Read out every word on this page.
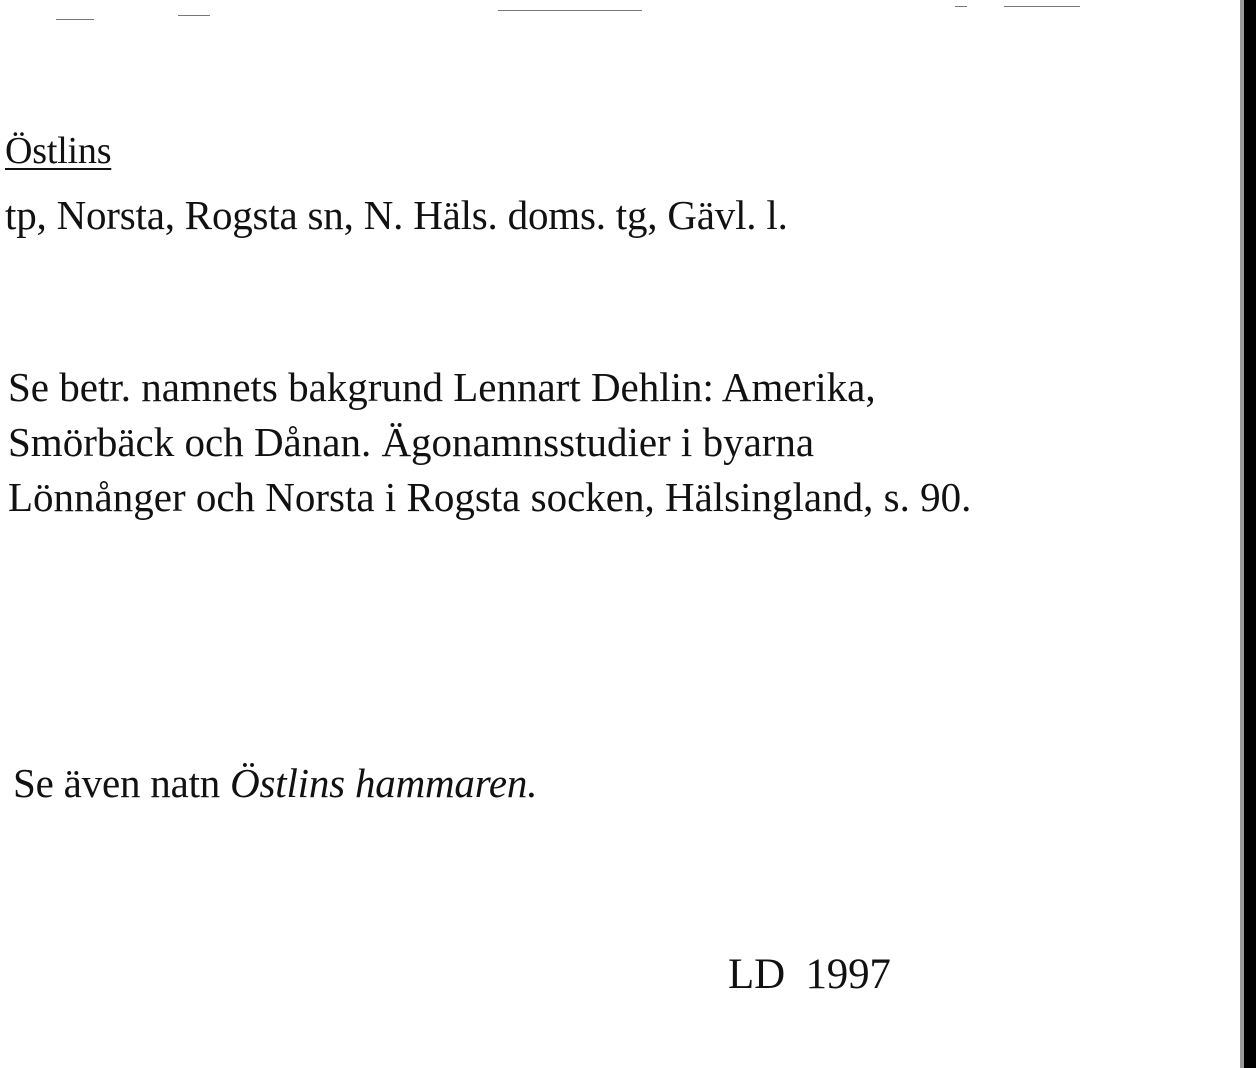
Östlins
tp, Norsta, Rogsta sn, N. Häls. doms. tg, Gävl. l.
Se betr. namnets bakgrund Lennart Dehlin: Amerika,
Smörbäck och Dånan. Ägonamnsstudier i byarna
Lönnånger och Norsta i Rogsta socken, Hälsingland, s. 90.
Se även natn Östlins hammaren.
LD 1997
